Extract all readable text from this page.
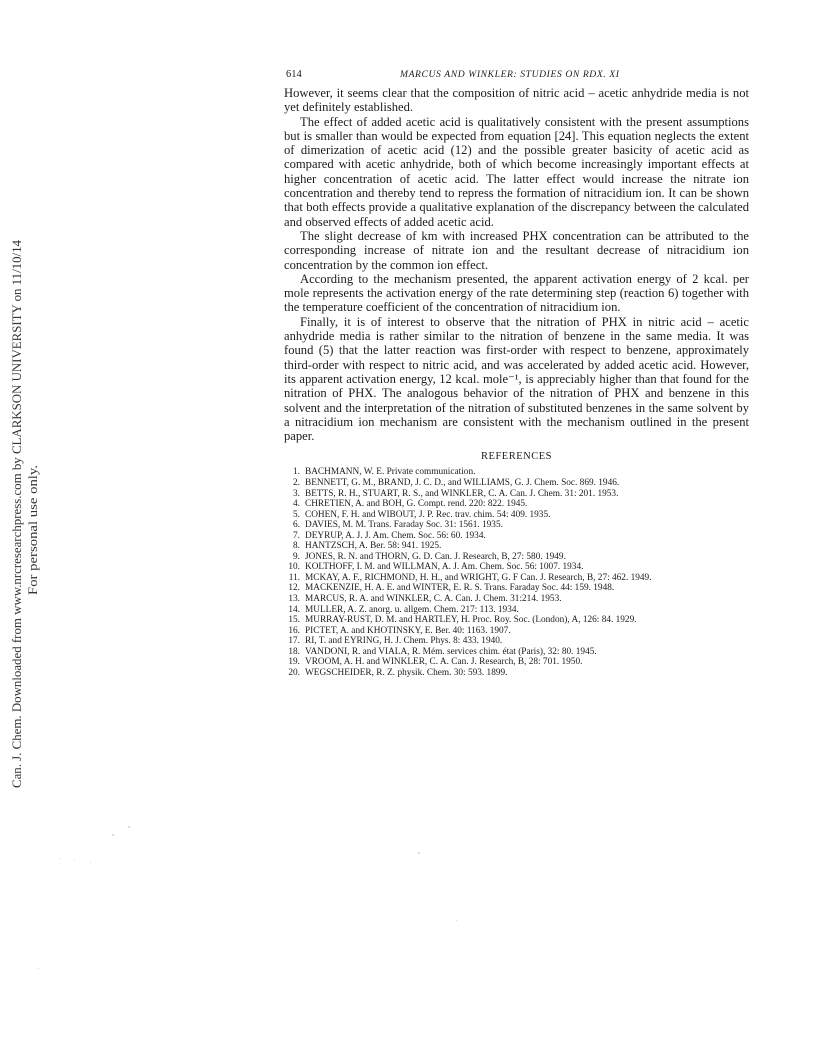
Can. J. Chem. Downloaded from www.nrcresearchpress.com by CLARKSON UNIVERSITY on 11/10/14 For personal use only.
614	MARCUS AND WINKLER: STUDIES ON RDX. XI

However, it seems clear that the composition of nitric acid – acetic anhydride media is not yet definitely established.

The effect of added acetic acid is qualitatively consistent with the present assumptions but is smaller than would be expected from equation [24]. This equation neglects the extent of dimerization of acetic acid (12) and the possible greater basicity of acetic acid as compared with acetic anhydride, both of which become increasingly important effects at higher concentration of acetic acid. The latter effect would increase the nitrate ion concentration and thereby tend to repress the formation of nitracidium ion. It can be shown that both effects provide a qualitative explanation of the discrepancy between the calculated and observed effects of added acetic acid.

The slight decrease of km with increased PHX concentration can be attributed to the corresponding increase of nitrate ion and the resultant decrease of nitracidium ion concentration by the common ion effect.

According to the mechanism presented, the apparent activation energy of 2 kcal. per mole represents the activation energy of the rate determining step (reaction 6) together with the temperature coefficient of the concentration of nitracidium ion.

Finally, it is of interest to observe that the nitration of PHX in nitric acid – acetic anhydride media is rather similar to the nitration of benzene in the same media. It was found (5) that the latter reaction was first-order with respect to benzene, approximately third-order with respect to nitric acid, and was accelerated by added acetic acid. However, its apparent activation energy, 12 kcal. mole⁻¹, is appreciably higher than that found for the nitration of PHX. The analogous behavior of the nitration of PHX and benzene in this solvent and the interpretation of the nitration of substituted benzenes in the same solvent by a nitracidium ion mechanism are consistent with the mechanism outlined in the present paper.

REFERENCES
1. BACHMANN, W. E. Private communication.
2. BENNETT, G. M., BRAND, J. C. D., and WILLIAMS, G. J. Chem. Soc. 869. 1946.
3. BETTS, R. H., STUART, R. S., and WINKLER, C. A. Can. J. Chem. 31: 201. 1953.
4. CHRETIEN, A. and BOH, G. Compt. rend. 220: 822. 1945.
5. COHEN, F. H. and WIBOUT, J. P. Rec. trav. chim. 54: 409. 1935.
6. DAVIES, M. M. Trans. Faraday Soc. 31: 1561. 1935.
7. DEYRUP, A. J. J. Am. Chem. Soc. 56: 60. 1934.
8. HANTZSCH, A. Ber. 58: 941. 1925.
9. JONES, R. N. and THORN, G. D. Can. J. Research, B, 27: 580. 1949.
10. KOLTHOFF, I. M. and WILLMAN, A. J. Am. Chem. Soc. 56: 1007. 1934.
11. MCKAY, A. F., RICHMOND, H. H., and WRIGHT, G. F Can. J. Research, B, 27: 462. 1949.
12. MACKENZIE, H. A. E. and WINTER, E. R. S. Trans. Faraday Soc. 44: 159. 1948.
13. MARCUS, R. A. and WINKLER, C. A. Can. J. Chem. 31:214. 1953.
14. MULLER, A. Z. anorg. u. allgem. Chem. 217: 113. 1934.
15. MURRAY-RUST, D. M. and HARTLEY, H. Proc. Roy. Soc. (London), A, 126: 84. 1929.
16. PICTET, A. and KHOTINSKY, E. Ber. 40: 1163. 1907.
17. RI, T. and EYRING, H. J. Chem. Phys. 8: 433. 1940.
18. VANDONI, R. and VIALA, R. Mém. services chim. état (Paris), 32: 80. 1945.
19. VROOM, A. H. and WINKLER, C. A. Can. J. Research, B, 28: 701. 1950.
20. WEGSCHEIDER, R. Z. physik. Chem. 30: 593. 1899.
